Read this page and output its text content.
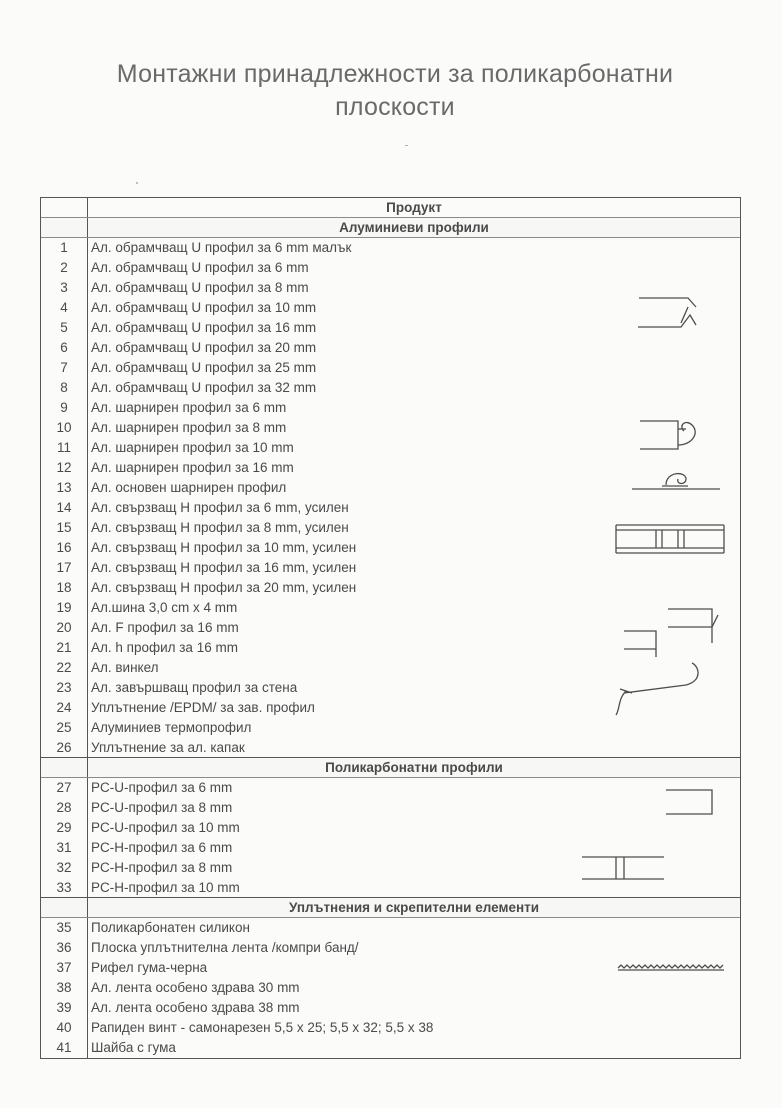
Монтажни принадлежности за поликарбонатни плоскости
Продукт
Алуминиеви профили
1	Ал. обрамчващ U профил за 6 mm малък
2	Ал. обрамчващ U профил за 6 mm
3	Ал. обрамчващ U профил за 8 mm
4	Ал. обрамчващ U профил за 10 mm
5	Ал. обрамчващ U профил за 16 mm
6	Ал. обрамчващ U профил за 20 mm
7	Ал. обрамчващ U профил за 25 mm
8	Ал. обрамчващ U профил за 32 mm
9	Ал. шарнирен профил за 6 mm
10	Ал. шарнирен профил за 8 mm
11	Ал. шарнирен профил за 10 mm
12	Ал. шарнирен профил за 16 mm
13	Ал. основен шарнирен профил
14	Ал. свързващ H профил за 6 mm, усилен
15	Ал. свързващ H профил за 8 mm, усилен
16	Ал. свързващ H профил за 10 mm, усилен
17	Ал. свързващ H профил за 16 mm, усилен
18	Ал. свързващ H профил за 20 mm, усилен
19	Ал.шина 3,0 cm x 4 mm
20	Ал. F профил за 16 mm
21	Ал. h профил за 16 mm
22	Ал. винкел
23	Ал. завършващ профил за стена
24	Уплътнение /EPDM/ за зав. профил
25	Алуминиев термопрофил
26	Уплътнение за ал. капак
Поликарбонатни профили
27	PC-U-профил за 6 mm
28	PC-U-профил за 8 mm
29	PC-U-профил за 10 mm
31	PC-H-профил за 6 mm
32	PC-H-профил за 8 mm
33	PC-H-профил за 10 mm
Уплътнения и скрепителни елементи
35	Поликарбонатен силикон
36	Плоска уплътнителна лента /компри банд/
37	Рифел гума-черна
38	Ал. лента особено здрава 30 mm
39	Ал. лента особено здрава 38 mm
40	Рапиден винт - самонарезен 5,5 x 25; 5,5 x 32; 5,5 x 38
41	Шайба с гума
